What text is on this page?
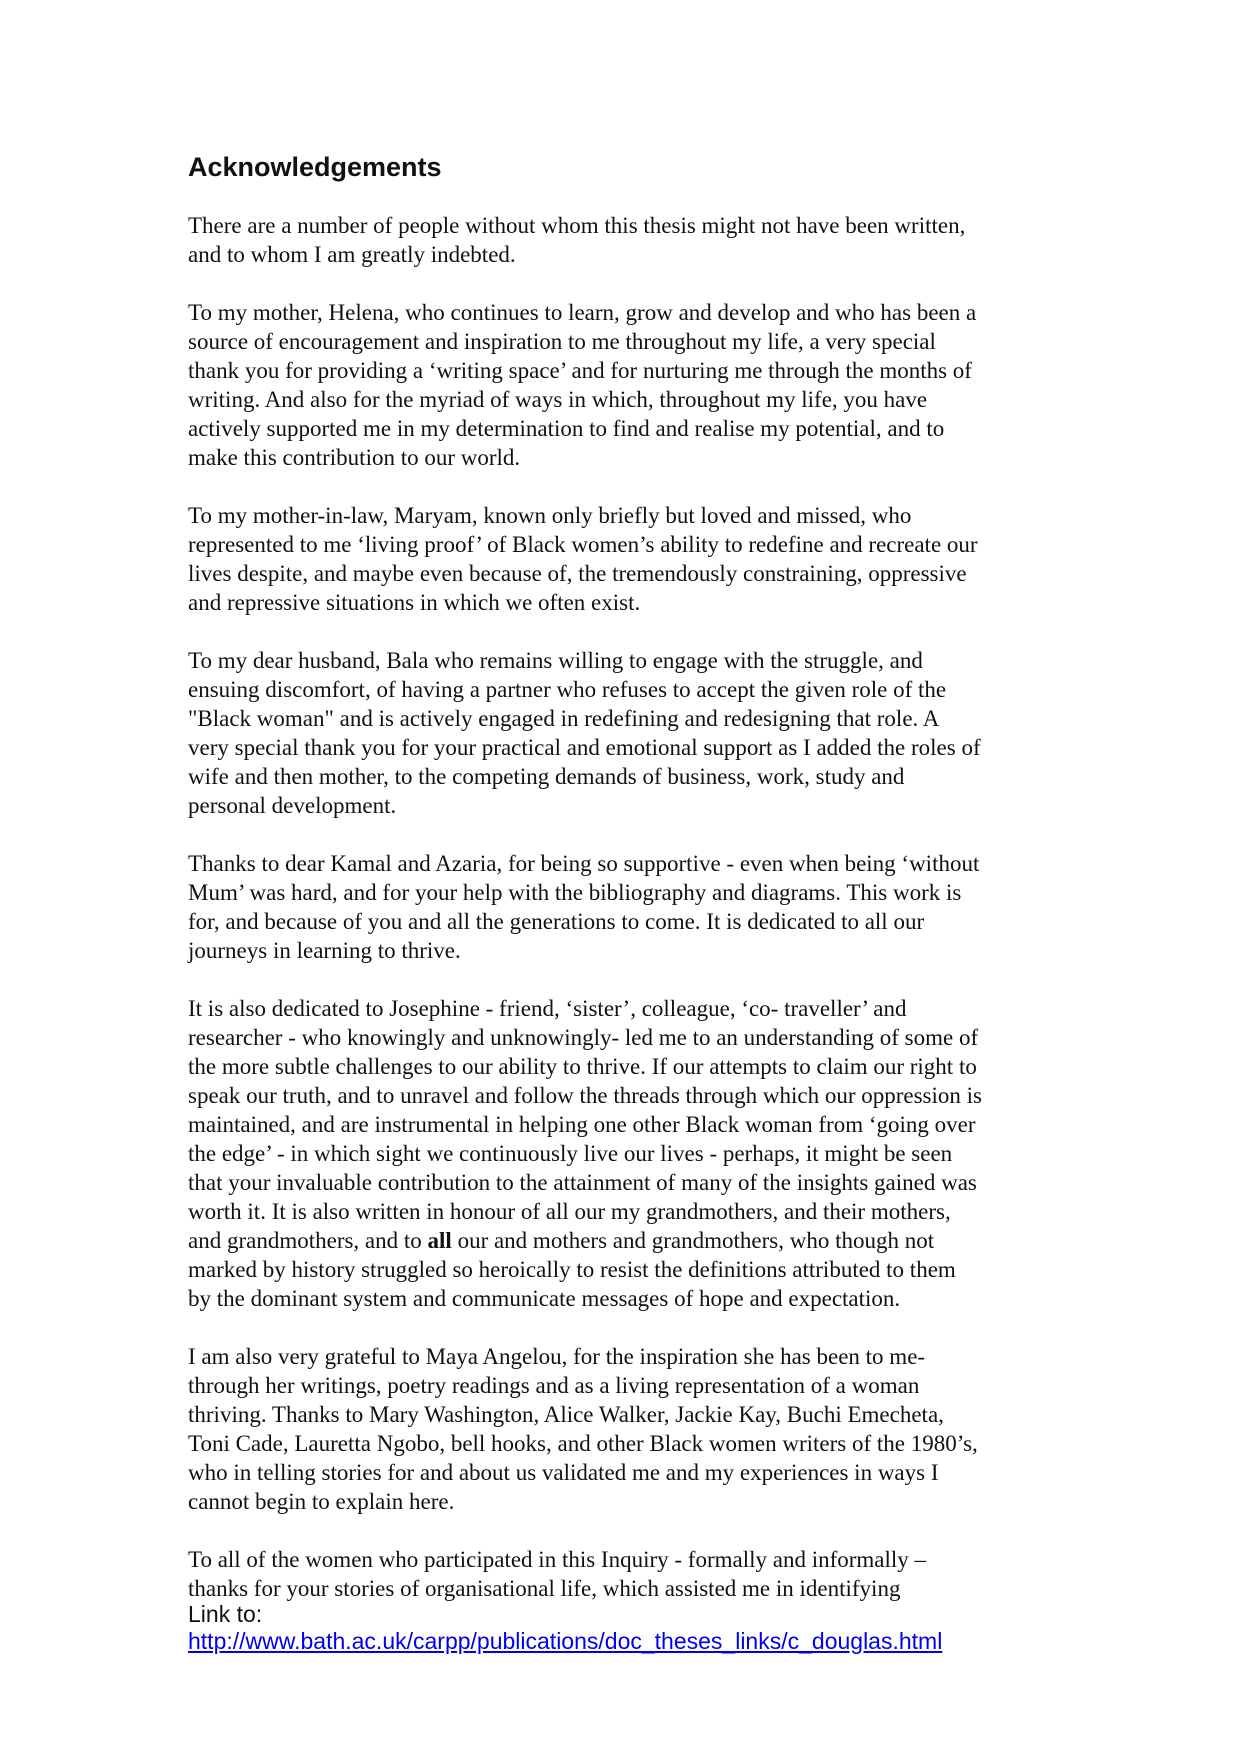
Acknowledgements

There are a number of people without whom this thesis might not have been written,
and to whom I am greatly indebted.

To my mother, Helena, who continues to learn, grow and develop and who has been a
source of encouragement and inspiration to me throughout my life, a very special
thank you for providing a ‘writing space’ and for nurturing me through the months of
writing. And also for the myriad of ways in which, throughout my life, you have
actively supported me in my determination to find and realise my potential, and to
make this contribution to our world.

To my mother-in-law, Maryam, known only briefly but loved and missed, who
represented to me ‘living proof’ of Black women’s ability to redefine and recreate our
lives despite, and maybe even because of, the tremendously constraining, oppressive
and repressive situations in which we often exist.

To my dear husband, Bala who remains willing to engage with the struggle, and
ensuing discomfort, of having a partner who refuses to accept the given role of the
"Black woman" and is actively engaged in redefining and redesigning that role. A
very special thank you for your practical and emotional support as I added the roles of
wife and then mother, to the competing demands of business, work, study and
personal development.

Thanks to dear Kamal and Azaria, for being so supportive - even when being ‘without
Mum’ was hard, and for your help with the bibliography and diagrams. This work is
for, and because of you and all the generations to come. It is dedicated to all our
journeys in learning to thrive.

It is also dedicated to Josephine - friend, ‘sister’, colleague, ‘co- traveller’ and
researcher - who knowingly and unknowingly- led me to an understanding of some of
the more subtle challenges to our ability to thrive. If our attempts to claim our right to
speak our truth, and to unravel and follow the threads through which our oppression is
maintained, and are instrumental in helping one other Black woman from ‘going over
the edge’ - in which sight we continuously live our lives - perhaps, it might be seen
that your invaluable contribution to the attainment of many of the insights gained was
worth it. It is also written in honour of all our my grandmothers, and their mothers,
and grandmothers, and to all our and mothers and grandmothers, who though not
marked by history struggled so heroically to resist the definitions attributed to them
by the dominant system and communicate messages of hope and expectation.

I am also very grateful to Maya Angelou, for the inspiration she has been to me-
through her writings, poetry readings and as a living representation of a woman
thriving. Thanks to Mary Washington, Alice Walker, Jackie Kay, Buchi Emecheta,
Toni Cade, Lauretta Ngobo, bell hooks, and other Black women writers of the 1980’s,
who in telling stories for and about us validated me and my experiences in ways I
cannot begin to explain here.

To all of the women who participated in this Inquiry - formally and informally –
thanks for your stories of organisational life, which assisted me in identifying

Link to:
http://www.bath.ac.uk/carpp/publications/doc_theses_links/c_douglas.html
